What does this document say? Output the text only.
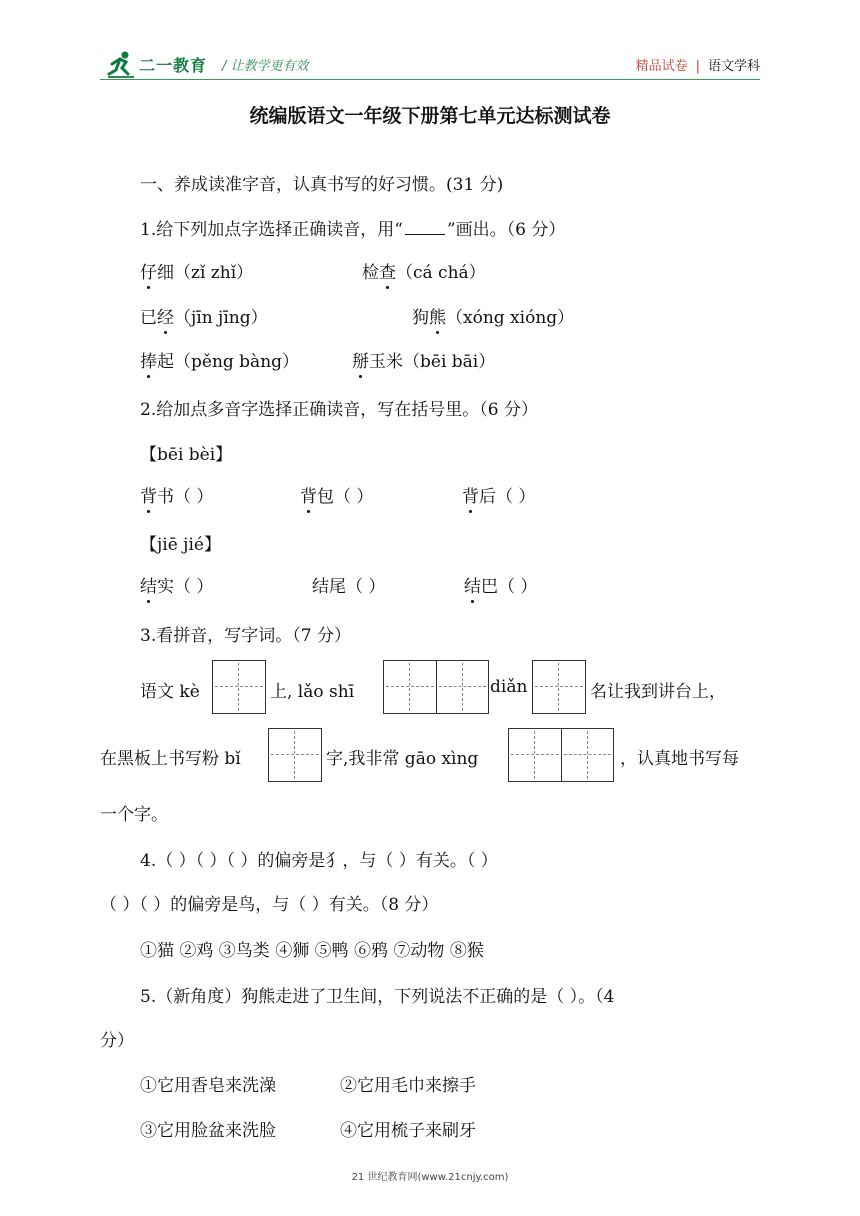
二一教育 / 让教学更有效	精品试卷 | 语文学科
统编版语文一年级下册第七单元达标测试卷
一、养成读准字音，认真书写的好习惯。(31 分)
1.给下列加点字选择正确读音，用“	”画出。（6 分）
仔细（zǐ zhǐ）	检查（cá chá）
已经（jīn jīng）	狗熊（xóng xióng）
捧起（pěng bàng）	掰玉米（bēi bāi）
2.给加点多音字选择正确读音，写在括号里。（6 分）
【bēi bèi】
背书（ ）	背包（ ）	背后（ ）
【jiē jié】
结实（ ）	结尾（ ）	结巴（ ）
3.看拼音，写字词。（7 分）
语文 kè	上, lǎo shī	diǎn	名让我到讲台上，
在黑板上书写粉 bǐ	字,我非常 gāo xìng	，认真地书写每
一个字。
4.（ ）（ ）（ ）的偏旁是犭，与（ ）有关。（ ）
（ ）（ ）的偏旁是鸟，与（ ）有关。（8 分）
①猫 ②鸡 ③鸟类 ④狮 ⑤鸭 ⑥鸦 ⑦动物 ⑧猴
5.（新角度）狗熊走进了卫生间，下列说法不正确的是（ ）。（4
分）
①它用香皂来洗澡	②它用毛巾来擦手
③它用脸盆来洗脸	④它用梳子来刷牙
21 世纪教育网(www.21cnjy.com)
